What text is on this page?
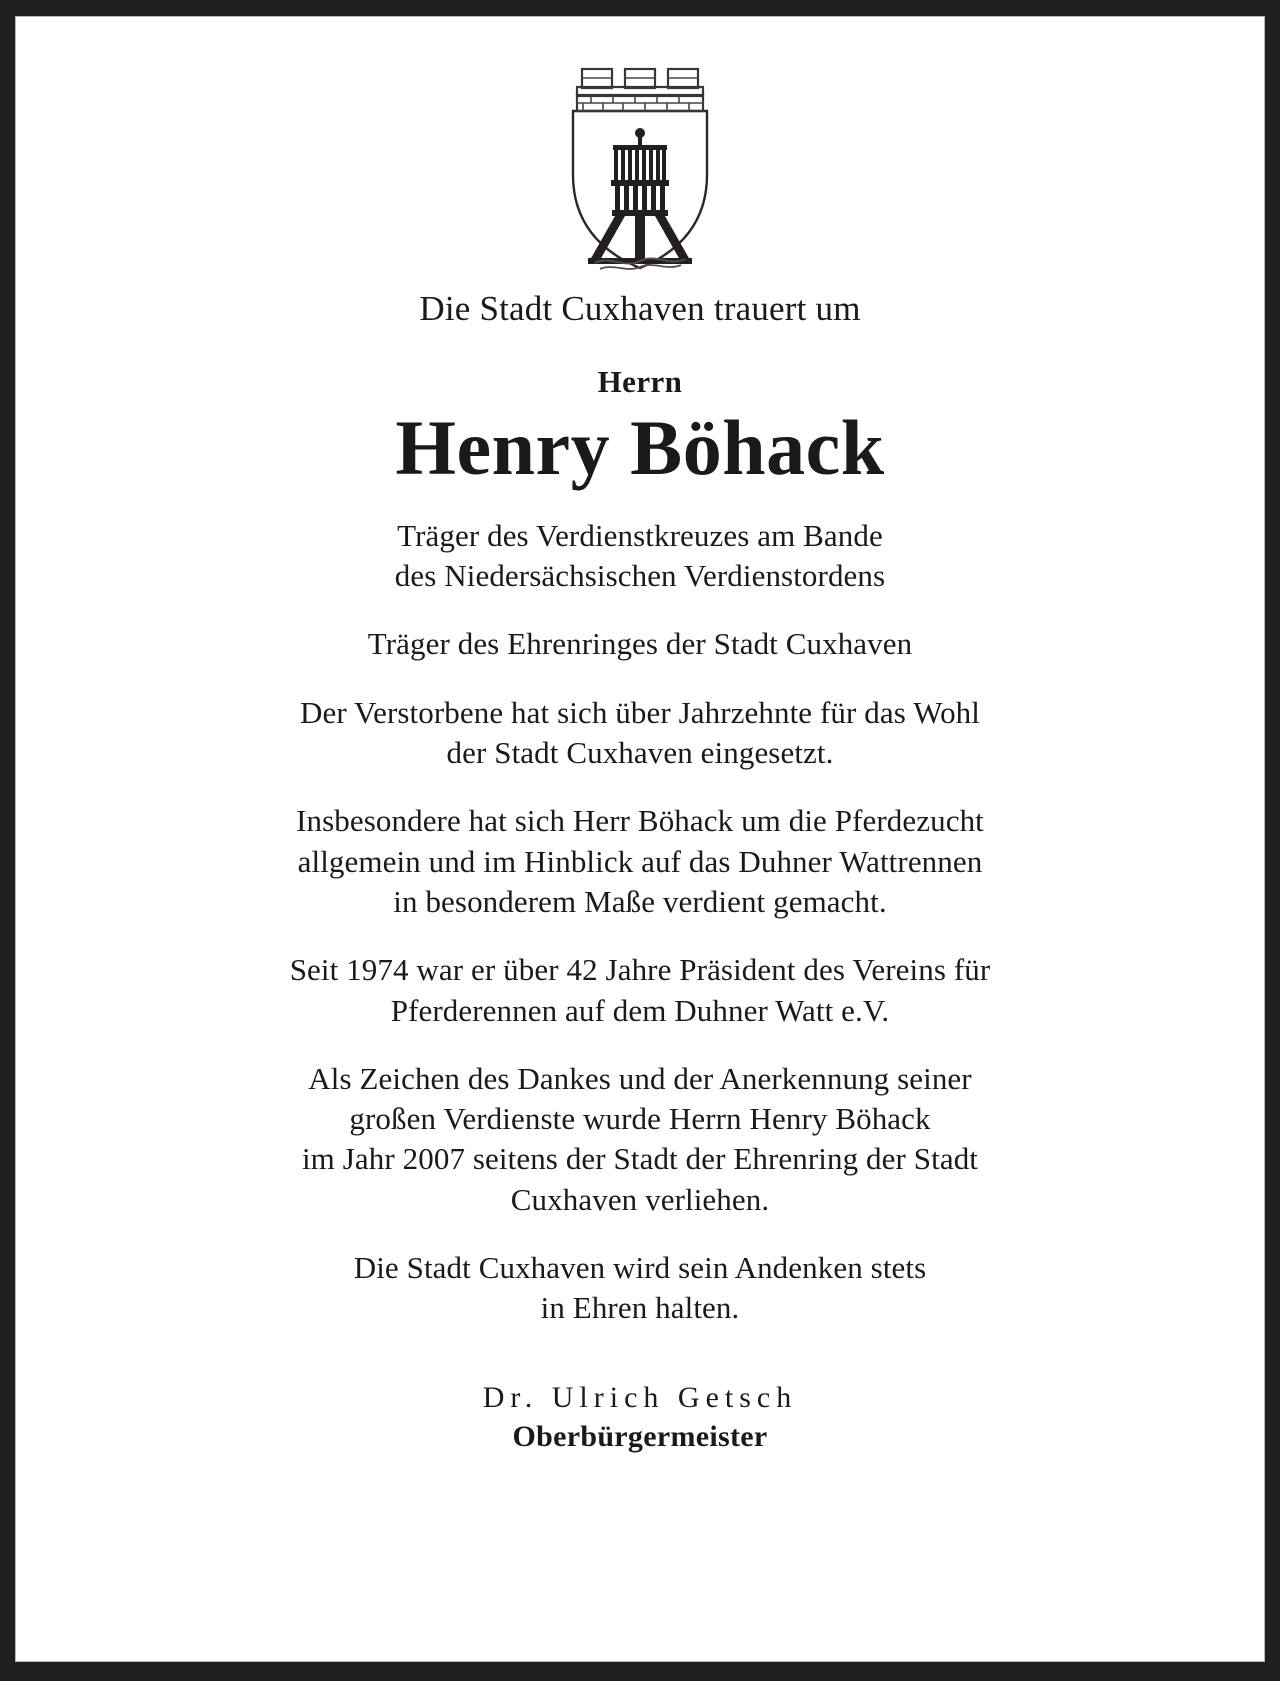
Die Stadt Cuxhaven trauert um
Herrn
Henry Böhack
Träger des Verdienstkreuzes am Bande
des Niedersächsischen Verdienstordens
Träger des Ehrenringes der Stadt Cuxhaven
Der Verstorbene hat sich über Jahrzehnte für das Wohl
der Stadt Cuxhaven eingesetzt.
Insbesondere hat sich Herr Böhack um die Pferdezucht
allgemein und im Hinblick auf das Duhner Wattrennen
in besonderem Maße verdient gemacht.
Seit 1974 war er über 42 Jahre Präsident des Vereins für
Pferderennen auf dem Duhner Watt e.V.
Als Zeichen des Dankes und der Anerkennung seiner
großen Verdienste wurde Herrn Henry Böhack
im Jahr 2007 seitens der Stadt der Ehrenring der Stadt
Cuxhaven verliehen.
Die Stadt Cuxhaven wird sein Andenken stets
in Ehren halten.
Dr. Ulrich Getsch
Oberbürgermeister
